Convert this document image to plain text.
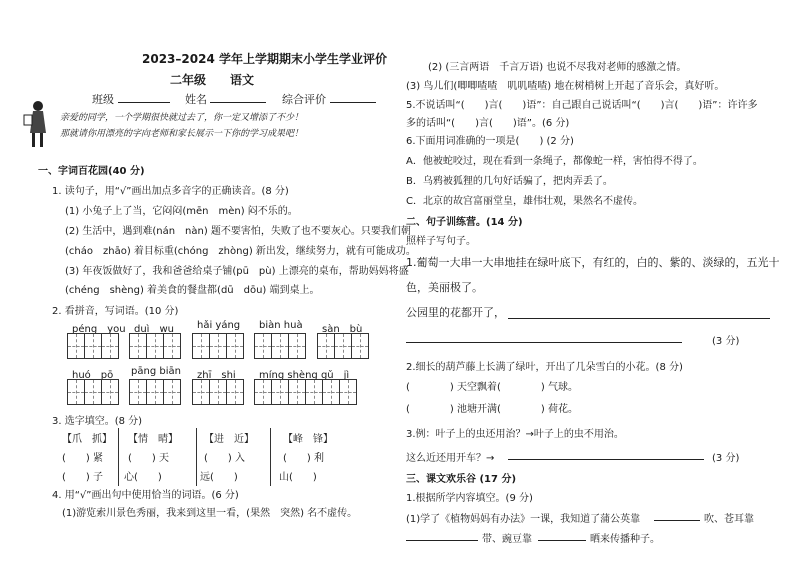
2023–2024 学年上学期期末小学生学业评价
二年级　　语文
班级	姓名	综合评价
亲爱的同学，一个学期很快就过去了，你一定又增添了不少！
那就请你用漂亮的字向老师和家长展示一下你的学习成果吧！
一、字词百花园(40 分)
1. 读句子，用“√”画出加点多音字的正确读音。(8 分)
(1) 小兔子上了当，它闷闷(mēn　mèn) 闷不乐的。
(2) 生活中，遇到难(nán　nàn) 题不要害怕，失败了也不要灰心。只要我们朝
(cháo　zhāo) 着目标重(chóng　zhòng) 新出发，继续努力，就有可能成功。
(3) 年夜饭做好了，我和爸爸给桌子铺(pū　pù) 上漂亮的桌布，帮助妈妈将盛
(chéng　shèng) 着美食的餐盘都(dū　dōu) 端到桌上。
2. 看拼音，写词语。(10 分)
péng　you duì　wu hǎi yáng biàn huà sàn　bù
huó　pō pāng biān zhī　shi míng shèng gǔ　jì
3. 选字填空。(8 分)
【爪　抓】 【情　晴】	【进　近】	【峰　锋】
(　　) 紧	(　　) 天	(　　) 入	(　　) 利
(　　) 子 心(　　)	远(　　)	山(　　)
4. 用“√”画出句中使用恰当的词语。(6 分)
(1)游览索川景色秀丽，我来到这里一看，(果然　突然) 名不虚传。
(2) (三言两语　千言万语) 也说不尽我对老师的感激之情。
(3) 鸟儿们(唧唧喳喳　叽叽喳喳) 地在树梢树上开起了音乐会，真好听。
5.不说话叫“(　　)言(　　)语”：自己跟自己说话叫“(　　)言(　　)语”：许许多
多的话叫“(　　)言(　　)语”。(6 分)
6.下面用词准确的一项是(　　) (2 分)
A．他被蛇咬过，现在看到一条绳子，都像蛇一样，害怕得不得了。
B．乌鸦被狐狸的几句好话骗了，把肉弄丢了。
C．北京的故宫富丽堂皇，雄伟壮观，果然名不虚传。
二、句子训练营。(14 分)
照样子写句子。
1.葡萄一大串一大串地挂在绿叶底下，有红的，白的、紫的、淡绿的，五光十
色，美丽极了。
公园里的花都开了，
(3 分)
2.细长的葫芦藤上长满了绿叶，开出了几朵雪白的小花。(8 分)
(　　　　) 天空飘着(　　　　) 气球。
(　　　　) 池塘开满(　　　　) 荷花。
3.例：叶子上的虫还用治？→叶子上的虫不用治。
这么近还用开车？→	(3 分)
三、课文欢乐谷 (17 分)
1.根据所学内容填空。(9 分)
(1)学了《植物妈妈有办法》一课，我知道了蒲公英靠	吹、苍耳靠
带、豌豆靠	晒来传播种子。
